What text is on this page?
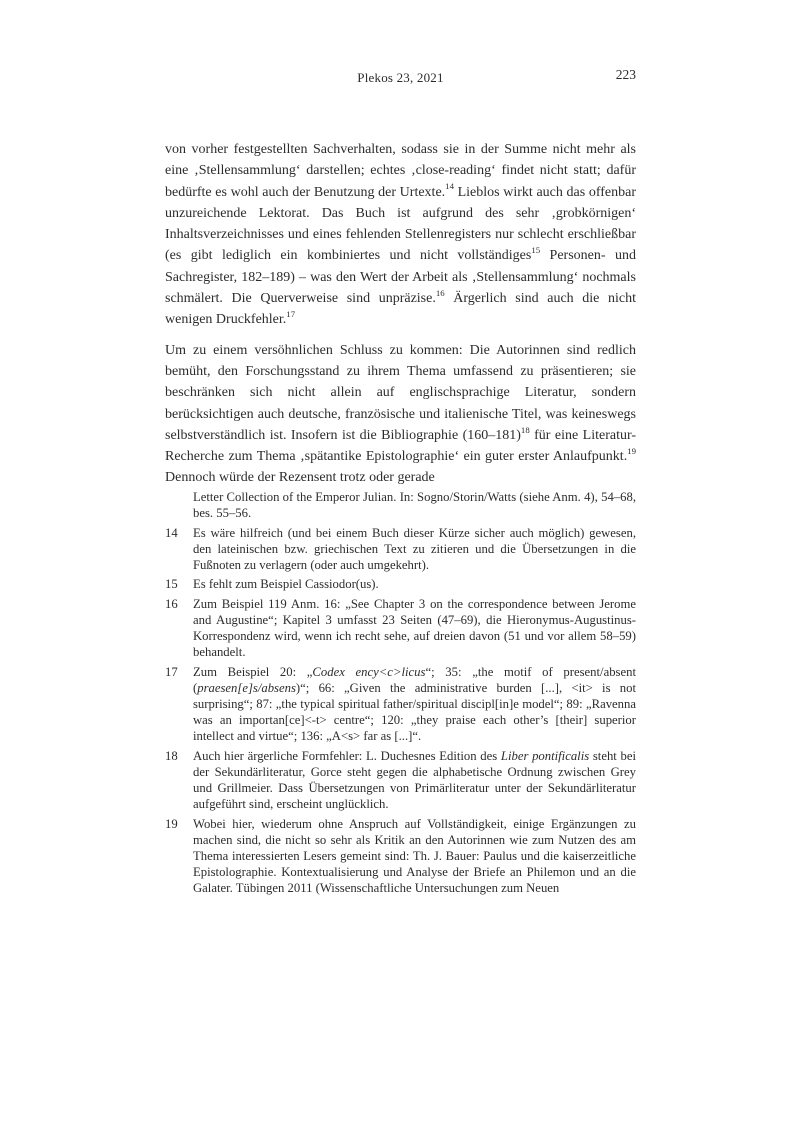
Plekos 23, 2021	223

von vorher festgestellten Sachverhalten, sodass sie in der Summe nicht mehr als eine ‚Stellensammlung‘ darstellen; echtes ‚close-reading‘ findet nicht statt; dafür bedürfte es wohl auch der Benutzung der Urtexte.$^{14}$ Lieblos wirkt auch das offenbar unzureichende Lektorat. Das Buch ist aufgrund des sehr ‚grobkörnigen‘ Inhaltsverzeichnisses und eines fehlenden Stellenregisters nur schlecht erschließbar (es gibt lediglich ein kombiniertes und nicht vollständiges$^{15}$ Personen- und Sachregister, 182–189) – was den Wert der Arbeit als ‚Stellensammlung‘ nochmals schmälert. Die Querverweise sind unpräzise.$^{16}$ Ärgerlich sind auch die nicht wenigen Druckfehler.$^{17}$

Um zu einem versöhnlichen Schluss zu kommen: Die Autorinnen sind redlich bemüht, den Forschungsstand zu ihrem Thema umfassend zu präsentieren; sie beschränken sich nicht allein auf englischsprachige Literatur, sondern berücksichtigen auch deutsche, französische und italienische Titel, was keineswegs selbstverständlich ist. Insofern ist die Bibliographie (160–181)$^{18}$ für eine Literatur-Recherche zum Thema ‚spätantike Epistolographie‘ ein guter erster Anlaufpunkt.$^{19}$ Dennoch würde der Rezensent trotz oder gerade

Letter Collection of the Emperor Julian. In: Sogno/Storin/Watts (siehe Anm. 4), 54–68, bes. 55–56.
14 Es wäre hilfreich (und bei einem Buch dieser Kürze sicher auch möglich) gewesen, den lateinischen bzw. griechischen Text zu zitieren und die Übersetzungen in die Fußnoten zu verlagern (oder auch umgekehrt).
15 Es fehlt zum Beispiel Cassiodor(us).
16 Zum Beispiel 119 Anm. 16: „See Chapter 3 on the correspondence between Jerome and Augustine“; Kapitel 3 umfasst 23 Seiten (47–69), die Hieronymus-Augustinus-Korrespondenz wird, wenn ich recht sehe, auf dreien davon (51 und vor allem 58–59) behandelt.
17 Zum Beispiel 20: „Codex ency<c>licus“; 35: „the motif of present/absent (praesen[e]s/absens)“; 66: „Given the administrative burden [...], <it> is not surprising“; 87: „the typical spiritual father/spiritual discipl[in]e model“; 89: „Ravenna was an importan[ce]<-t> centre“; 120: „they praise each other’s [their] superior intellect and virtue“; 136: „A<s> far as [...]“.
18 Auch hier ärgerliche Formfehler: L. Duchesnes Edition des Liber pontificalis steht bei der Sekundärliteratur, Gorce steht gegen die alphabetische Ordnung zwischen Grey und Grillmeier. Dass Übersetzungen von Primärliteratur unter der Sekundärliteratur aufgeführt sind, erscheint unglücklich.
19 Wobei hier, wiederum ohne Anspruch auf Vollständigkeit, einige Ergänzungen zu machen sind, die nicht so sehr als Kritik an den Autorinnen wie zum Nutzen des am Thema interessierten Lesers gemeint sind: Th. J. Bauer: Paulus und die kaiserzeitliche Epistolographie. Kontextualisierung und Analyse der Briefe an Philemon und an die Galater. Tübingen 2011 (Wissenschaftliche Untersuchungen zum Neuen
